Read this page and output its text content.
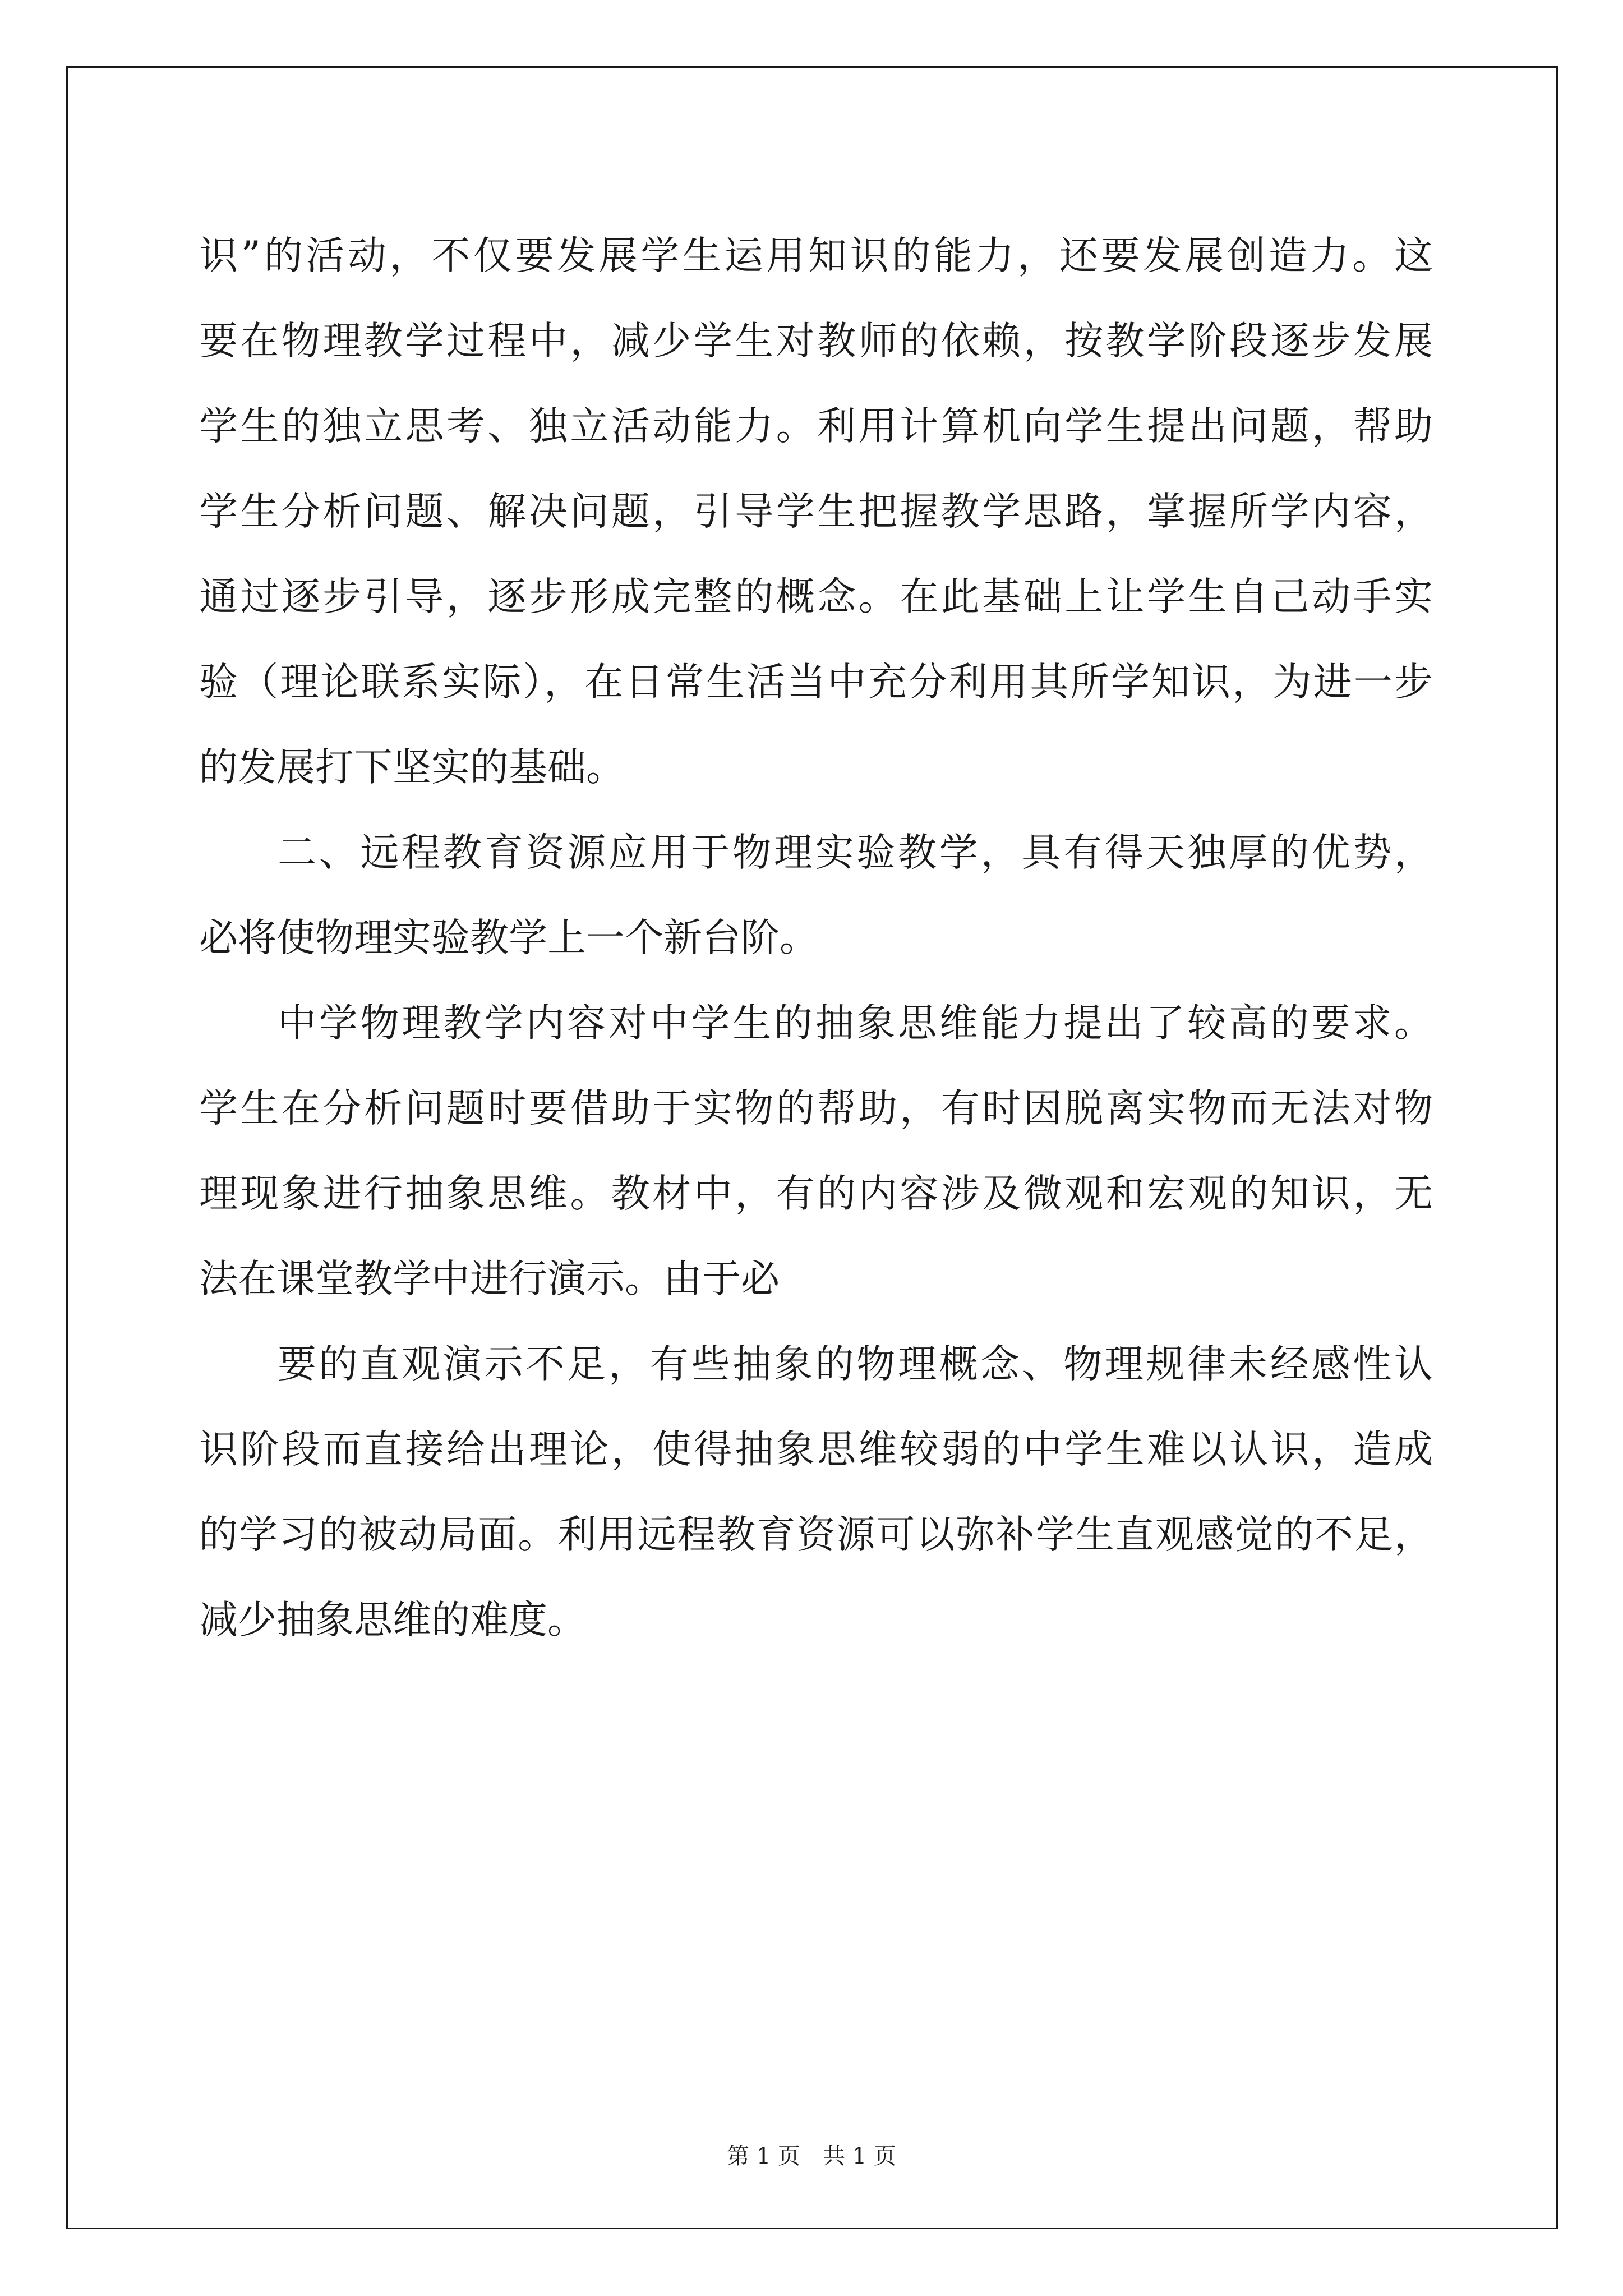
识”的活动，不仅要发展学生运用知识的能力，还要发展创造力。这
要在物理教学过程中，减少学生对教师的依赖，按教学阶段逐步发展
学生的独立思考、独立活动能力。利用计算机向学生提出问题，帮助
学生分析问题、解决问题，引导学生把握教学思路，掌握所学内容，
通过逐步引导，逐步形成完整的概念。在此基础上让学生自己动手实
验（理论联系实际），在日常生活当中充分利用其所学知识，为进一步
的发展打下坚实的基础。
二、远程教育资源应用于物理实验教学，具有得天独厚的优势，
必将使物理实验教学上一个新台阶。
中学物理教学内容对中学生的抽象思维能力提出了较高的要求。
学生在分析问题时要借助于实物的帮助，有时因脱离实物而无法对物
理现象进行抽象思维。教材中，有的内容涉及微观和宏观的知识，无
法在课堂教学中进行演示。由于必
要的直观演示不足，有些抽象的物理概念、物理规律未经感性认
识阶段而直接给出理论，使得抽象思维较弱的中学生难以认识，造成
的学习的被动局面。利用远程教育资源可以弥补学生直观感觉的不足，
减少抽象思维的难度。
第 1 页　共 1 页
